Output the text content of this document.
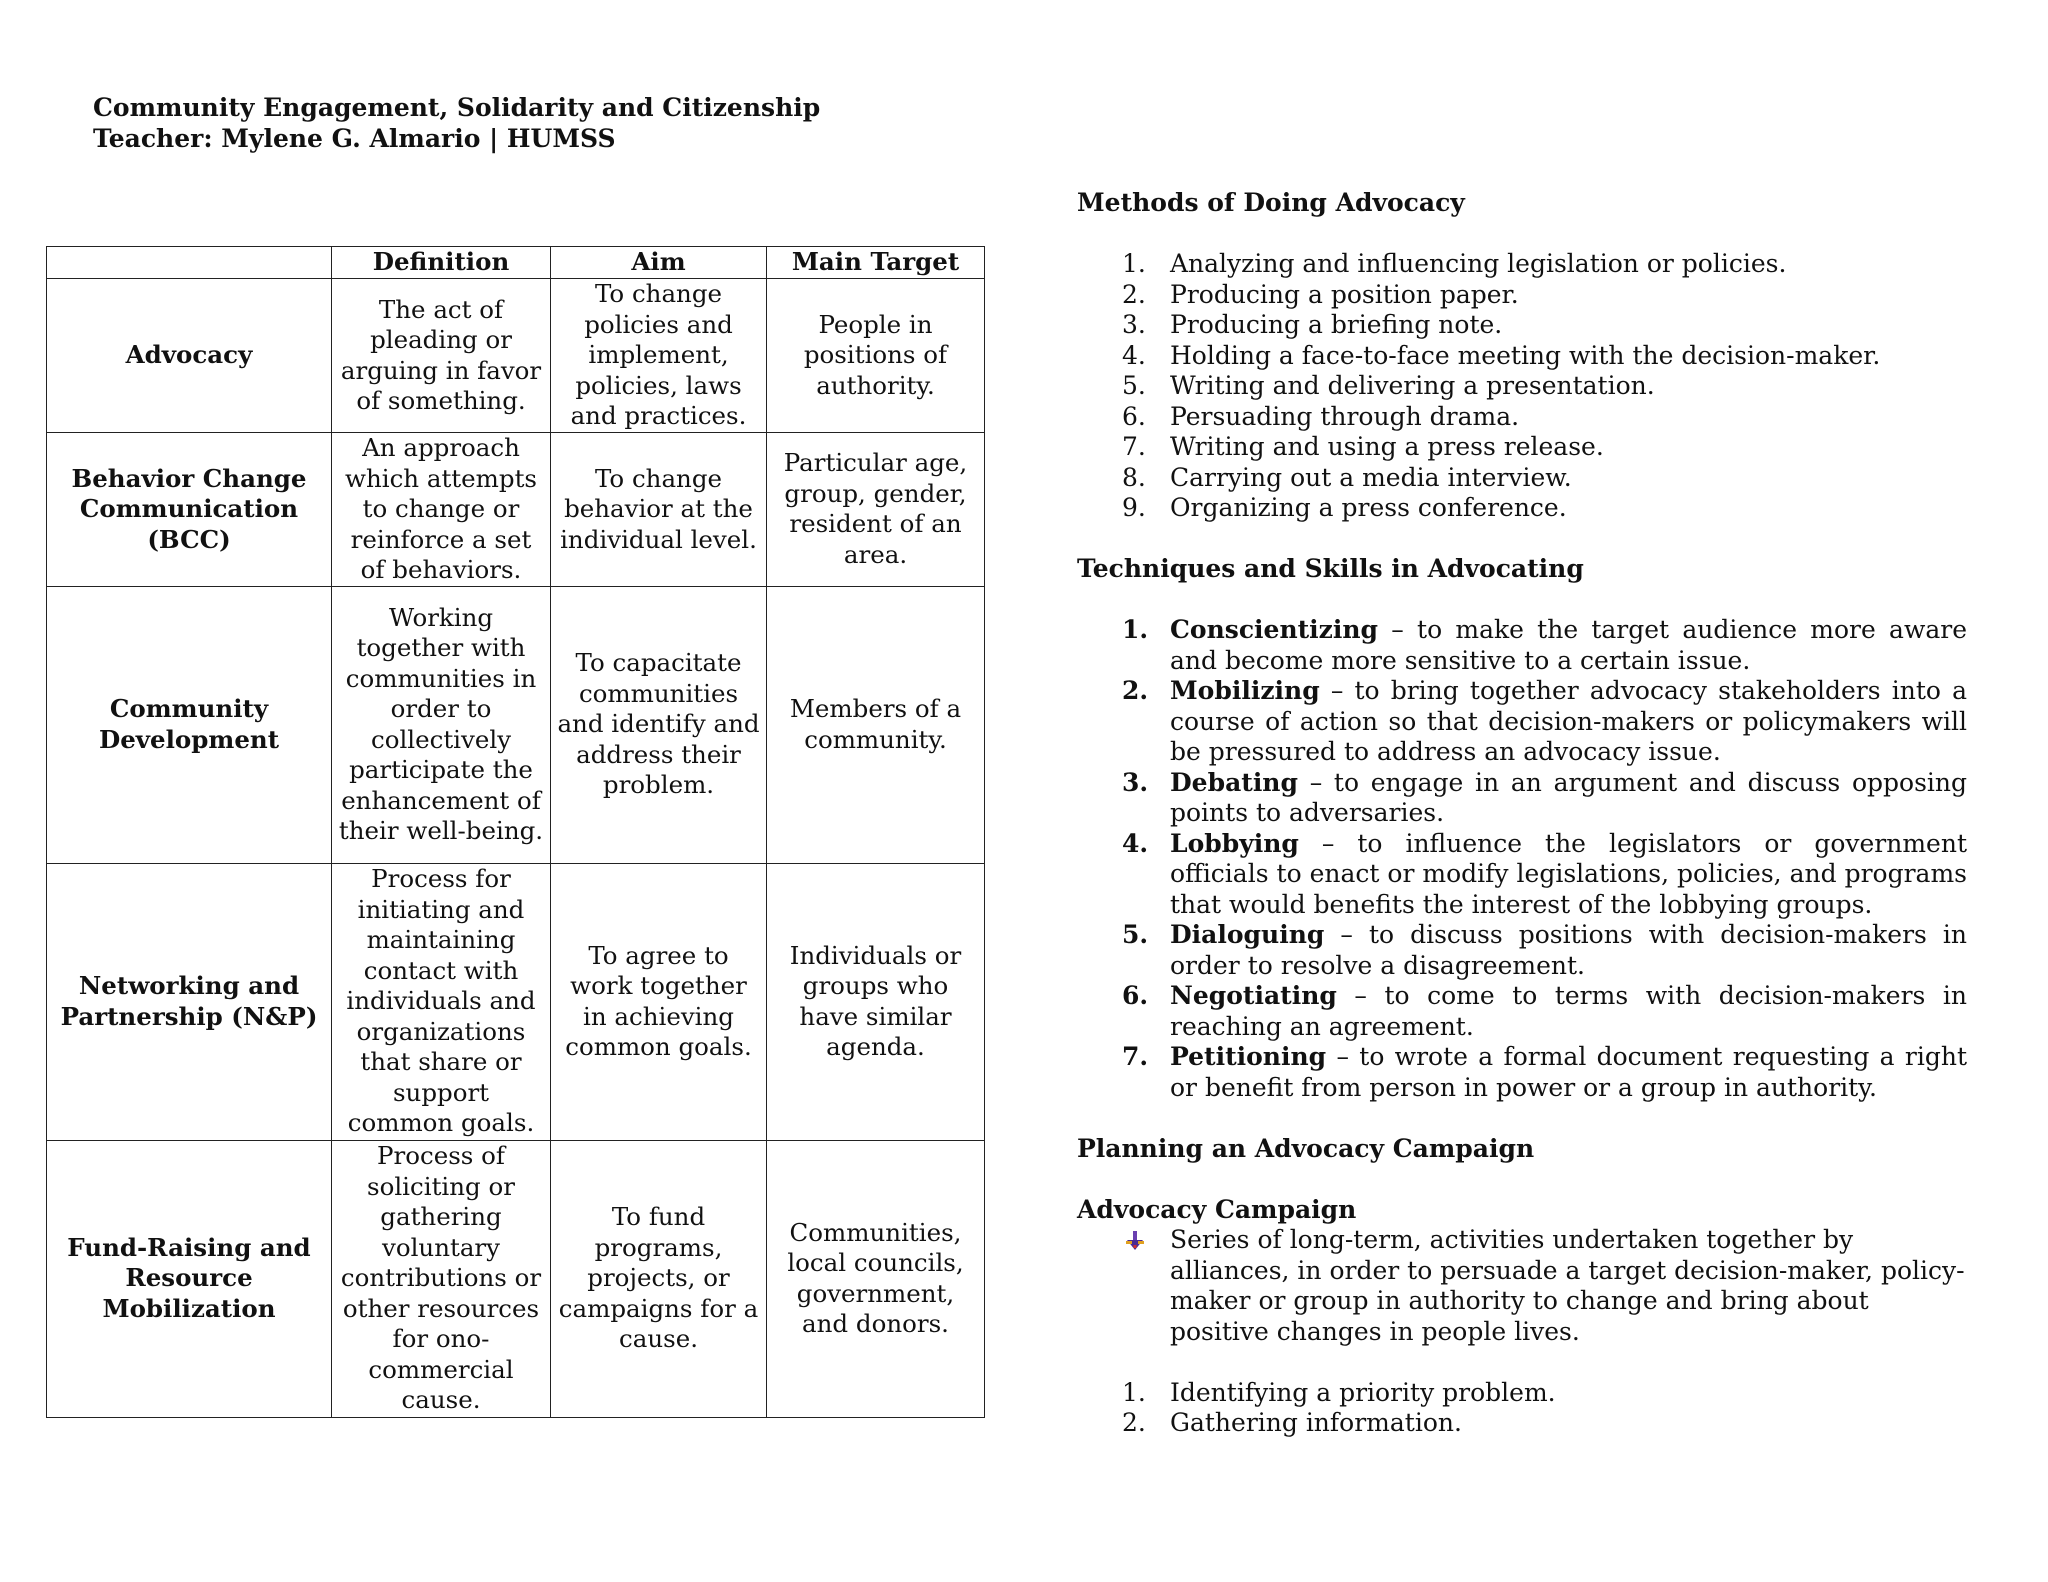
Community Engagement, Solidarity and Citizenship
Teacher: Mylene G. Almario | HUMSS
	Definition	Aim	Main Target
Advocacy	The act of pleading or arguing in favor of something.	To change policies and implement, policies, laws and practices.	People in positions of authority.
Behavior Change Communication (BCC)	An approach which attempts to change or reinforce a set of behaviors.	To change behavior at the individual level.	Particular age, group, gender, resident of an area.
Community Development	Working together with communities in order to collectively participate the enhancement of their well-being.	To capacitate communities and identify and address their problem.	Members of a community.
Networking and Partnership (N&P)	Process for initiating and maintaining contact with individuals and organizations that share or support common goals.	To agree to work together in achieving common goals.	Individuals or groups who have similar agenda.
Fund-Raising and Resource Mobilization	Process of soliciting or gathering voluntary contributions or other resources for ono-commercial cause.	To fund programs, projects, or campaigns for a cause.	Communities, local councils, government, and donors.
Methods of Doing Advocacy
1. Analyzing and influencing legislation or policies.
2. Producing a position paper.
3. Producing a briefing note.
4. Holding a face-to-face meeting with the decision-maker.
5. Writing and delivering a presentation.
6. Persuading through drama.
7. Writing and using a press release.
8. Carrying out a media interview.
9. Organizing a press conference.
Techniques and Skills in Advocating
1. Conscientizing – to make the target audience more aware and become more sensitive to a certain issue.
2. Mobilizing – to bring together advocacy stakeholders into a course of action so that decision-makers or policymakers will be pressured to address an advocacy issue.
3. Debating – to engage in an argument and discuss opposing points to adversaries.
4. Lobbying – to influence the legislators or government officials to enact or modify legislations, policies, and programs that would benefits the interest of the lobbying groups.
5. Dialoguing – to discuss positions with decision-makers in order to resolve a disagreement.
6. Negotiating – to come to terms with decision-makers in reaching an agreement.
7. Petitioning – to wrote a formal document requesting a right or benefit from person in power or a group in authority.
Planning an Advocacy Campaign
Advocacy Campaign
Series of long-term, activities undertaken together by alliances, in order to persuade a target decision-maker, policy-maker or group in authority to change and bring about positive changes in people lives.
1. Identifying a priority problem.
2. Gathering information.
